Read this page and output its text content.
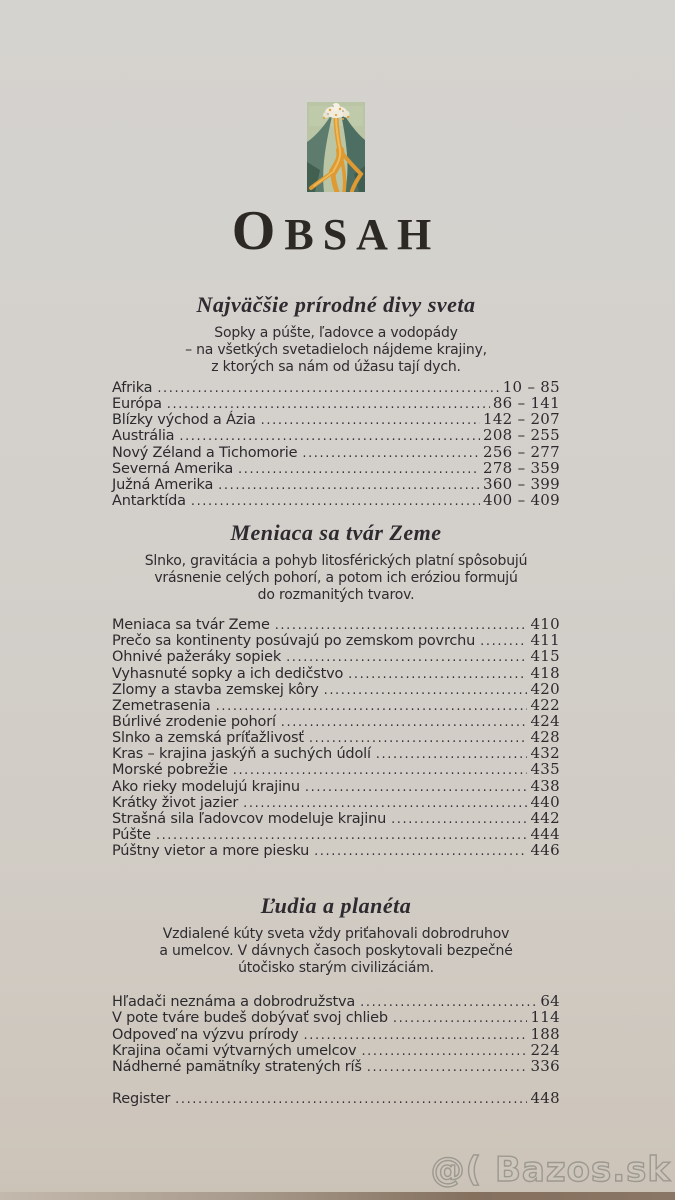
OBSAH
Najväčšie prírodné divy sveta
Sopky a púšte, ľadovce a vodopády
– na všetkých svetadieloch nájdeme krajiny,
z ktorých sa nám od úžasu tají dych.
Afrika .....	10 – 85
Európa .....	86 – 141
Blízky východ a Ázia .....	142 – 207
Austrália .....	208 – 255
Nový Zéland a Tichomorie .....	256 – 277
Severná Amerika .....	278 – 359
Južná Amerika .....	360 – 399
Antarktída .....	400 – 409
Meniaca sa tvár Zeme
Slnko, gravitácia a pohyb litosférických platní spôsobujú
vrásnenie celých pohorí, a potom ich eróziou formujú
do rozmanitých tvarov.
Meniaca sa tvár Zeme .....	410
Prečo sa kontinenty posúvajú po zemskom povrchu .....	411
Ohnivé pažeráky sopiek .....	415
Vyhasnuté sopky a ich dedičstvo .....	418
Zlomy a stavba zemskej kôry .....	420
Zemetrasenia .....	422
Búrlivé zrodenie pohorí .....	424
Slnko a zemská príťažlivosť .....	428
Kras – krajina jaskýň a suchých údolí .....	432
Morské pobrežie .....	435
Ako rieky modelujú krajinu .....	438
Krátky život jazier .....	440
Strašná sila ľadovcov modeluje krajinu .....	442
Púšte .....	444
Púštny vietor a more piesku .....	446
Ľudia a planéta
Vzdialené kúty sveta vždy priťahovali dobrodruhov
a umelcov. V dávnych časoch poskytovali bezpečné
útočisko starým civilizáciám.
Hľadači neznáma a dobrodružstva .....	64
V pote tváre budeš dobývať svoj chlieb .....	114
Odpoveď na výzvu prírody .....	188
Krajina očami výtvarných umelcov .....	224
Nádherné pamätníky stratených ríš .....	336
Register .....	448
@( Bazos.sk
